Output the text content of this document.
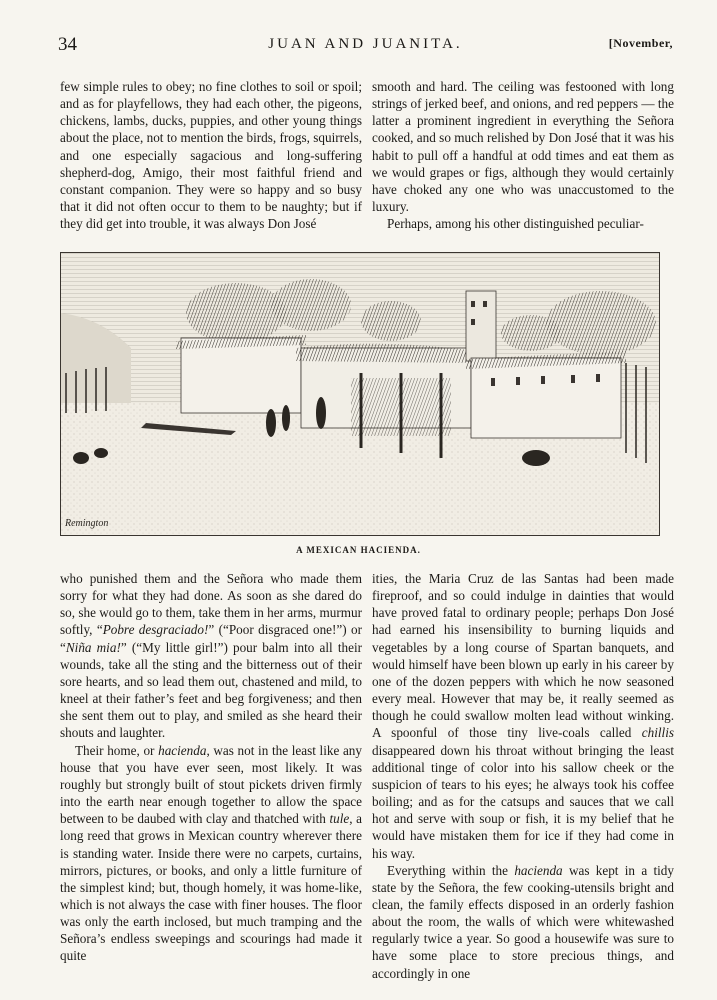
34	JUAN AND JUANITA.	[November,

few simple rules to obey; no fine clothes to soil or spoil; and as for playfellows, they had each other, the pigeons, chickens, lambs, ducks, puppies, and other young things about the place, not to mention the birds, frogs, squirrels, and one especially sagacious and long-suffering shepherd-dog, Amigo, their most faithful friend and constant companion. They were so happy and so busy that it did not often occur to them to be naughty; but if they did get into trouble, it was always Don José

smooth and hard. The ceiling was festooned with long strings of jerked beef, and onions, and red peppers — the latter a prominent ingredient in everything the Señora cooked, and so much relished by Don José that it was his habit to pull off a handful at odd times and eat them as we would grapes or figs, although they would certainly have choked any one who was unaccustomed to the luxury.

Perhaps, among his other distinguished peculiar-

Remington
A MEXICAN HACIENDA.

who punished them and the Señora who made them sorry for what they had done. As soon as she dared do so, she would go to them, take them in her arms, murmur softly, “Pobre desgraciado!” (“Poor disgraced one!”) or “Niña mia!” (“My little girl!”) pour balm into all their wounds, take all the sting and the bitterness out of their sore hearts, and so lead them out, chastened and mild, to kneel at their father’s feet and beg forgiveness; and then she sent them out to play, and smiled as she heard their shouts and laughter.

Their home, or hacienda, was not in the least like any house that you have ever seen, most likely. It was roughly but strongly built of stout pickets driven firmly into the earth near enough together to allow the space between to be daubed with clay and thatched with tule, a long reed that grows in Mexican country wherever there is standing water. Inside there were no carpets, curtains, mirrors, pictures, or books, and only a little furniture of the simplest kind; but, though homely, it was home-like, which is not always the case with finer houses. The floor was only the earth inclosed, but much tramping and the Señora’s endless sweepings and scourings had made it quite

ities, the Maria Cruz de las Santas had been made fireproof, and so could indulge in dainties that would have proved fatal to ordinary people; perhaps Don José had earned his insensibility to burning liquids and vegetables by a long course of Spartan banquets, and would himself have been blown up early in his career by one of the dozen peppers with which he now seasoned every meal. However that may be, it really seemed as though he could swallow molten lead without winking. A spoonful of those tiny live-coals called chillis disappeared down his throat without bringing the least additional tinge of color into his sallow cheek or the suspicion of tears to his eyes; he always took his coffee boiling; and as for the catsups and sauces that we call hot and serve with soup or fish, it is my belief that he would have mistaken them for ice if they had come in his way.

Everything within the hacienda was kept in a tidy state by the Señora, the few cooking-utensils bright and clean, the family effects disposed in an orderly fashion about the room, the walls of which were whitewashed regularly twice a year. So good a housewife was sure to have some place to store precious things, and accordingly in one
